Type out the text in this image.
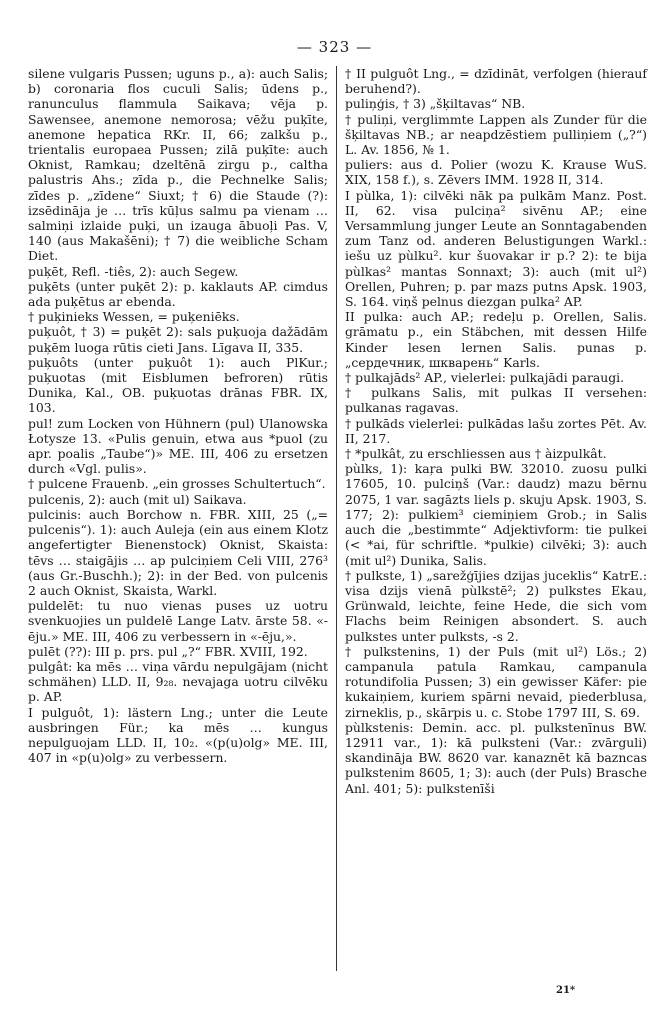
— 323 —

silene vulgaris Pussen; uguns p., a): auch Salis; b) coronaria flos cuculi Salis; ūdens p., ranunculus flammula Saikava; vēja p. Sawensee, anemone nemorosa; vēžu puķīte, anemone hepatica RKr. II, 66; zalkšu p., trientalis europaea Pussen; zilā puķīte: auch Oknist, Ramkau; dzeltēnā zirgu p., caltha palustris Ahs.; zīda p., die Pechnelke Salis; zīdes p. „zīdene“ Siuxt; † 6) die Staude (?): izsēdināja je … trīs kūļus salmu pa vienam … salmiņi izlaide puķi, un izauga ābuoļi Pas. V, 140 (aus Makašēni); † 7) die weibliche Scham Diet.

puķēt, Refl. -tiês, 2): auch Segew.

puķēts (unter puķēt 2): p. kaklauts AP. cimdus ada puķētus ar ebenda.

† puķinieks Wessen, = puķeniēks.

puķuôt, † 3) = puķēt 2): sals puķuoja dažādām puķēm luoga rūtis cieti Jans. Līgava II, 335.

puķuôts (unter puķuôt 1): auch PlKur.; puķuotas (mit Eisblumen befroren) rūtis Dunika, Kal., OB. puķuotas drānas FBR. IX, 103.

pul! zum Locken von Hühnern (pul) Ulanowska Łotysze 13. «Pulis genuin, etwa aus *puol (zu apr. poalis „Taube“)» ME. III, 406 zu ersetzen durch «Vgl. pulis».

† pulcene Frauenb. „ein grosses Schultertuch“.

pulcenis, 2): auch (mit ul) Saikava.

pulcinis: auch Borchow n. FBR. XIII, 25 („= pulcenis“). 1): auch Auleja (ein aus einem Klotz angefertigter Bienenstock) Oknist, Skaista: tēvs … staigājis … ap pulciņiem Celi VIII, 276³ (aus Gr.-Buschh.); 2): in der Bed. von pulcenis 2 auch Oknist, Skaista, Warkl.

puldelēt: tu nuo vienas puses uz uotru svenkuojies un puldelē Lange Latv. ārste 58. «-ēju.» ME. III, 406 zu verbessern in «-ēju,».

pulēt (??): III p. prs. pul „?“ FBR. XVIII, 192.

pulgât: ka mēs … viņa vārdu nepulgājam (nicht schmähen) LLD. II, 9₂₈. nevajaga uotru cilvēku p. AP.

I pulguôt, 1): lästern Lng.; unter die Leute ausbringen Für.; ka mēs … kungus nepulguojam LLD. II, 10₂. «(p(u)olg» ME. III, 407 in «p(u)olg» zu verbessern.

† II pulguôt Lng., = dzīdināt, verfolgen (hierauf beruhend?).

puliņģis, † 3) „šķiltavas“ NB.

† puliņi, verglimmte Lappen als Zunder für die šķiltavas NB.; ar neapdzēstiem pulliņiem („?“) L. Av. 1856, № 1.

puliers: aus d. Polier (wozu K. Krause WuS. XIX, 158 f.), s. Zēvers IMM. 1928 II, 314.

I pùlka, 1): cilvēki nāk pa pulkām Manz. Post. II, 62. visa pulciņa² sivēnu AP.; eine Versammlung junger Leute an Sonntagabenden zum Tanz od. anderen Belustigungen Warkl.: iešu uz pùlku². kur šuovakar ir p.? 2): te bija pùlkas² mantas Sonnaxt; 3): auch (mit ul²) Orellen, Puhren; p. par mazs putns Apsk. 1903, S. 164. viņš pelnus diezgan pulka² AP.

II pulka: auch AP.; redeļu p. Orellen, Salis. grāmatu p., ein Stäbchen, mit dessen Hilfe Kinder lesen lernen Salis. punas p. „сердечник, шкварень“ Karls.

† pulkajāds² AP., vielerlei: pulkajādi paraugi.

† pulkans Salis, mit pulkas II versehen: pulkanas ragavas.

† pulkāds vielerlei: pulkādas lašu zortes Pēt. Av. II, 217.

† *pulkât, zu erschliessen aus † àizpulkât.

pùlks, 1): kaŗa pulki BW. 32010. zuosu pulki 17605, 10. pulciņš (Var.: daudz) mazu bērnu 2075, 1 var. sagāzts liels p. skuju Apsk. 1903, S. 177; 2): pulkiem³ ciemiņiem Grob.; in Salis auch die „bestimmte“ Adjektivform: tie pulkei (< *ai, für schriftle. *pulkie) cilvēki; 3): auch (mit ul²) Dunika, Salis.

† pulkste, 1) „sarežģījies dzijas juceklis“ KatrE.: visa dzijs vienā pùlkstē²; 2) pulkstes Ekau, Grünwald, leichte, feine Hede, die sich vom Flachs beim Reinigen absondert. S. auch pulkstes unter pulksts, -s 2.

† pulkstenins, 1) der Puls (mit ul²) Lös.; 2) campanula patula Ramkau, campanula rotundifolia Pussen; 3) ein gewisser Käfer: pie kukaiņiem, kuriem spārni nevaid, piederblusa, zirneklis, p., skārpis u. c. Stobe 1797 III, S. 69.

pùlkstenis: Demin. acc. pl. pulkstenīnus BW. 12911 var., 1): kā pulksteni (Var.: zvārguli) skandināja BW. 8620 var. kanaznēt kā bazncas pulkstenim 8605, 1; 3): auch (der Puls) Brasche Anl. 401; 5): pulkstenīši

21*
